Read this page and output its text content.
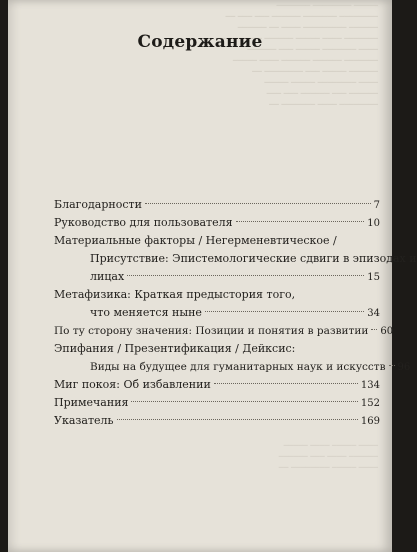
───── ──────── ───────
──────── ─────── ────── ─── ─── ──
────── ───────── ──── ── ──────
─────── ──── ───── ────── ─────── ──
──── ─────── ───── ─── ──────
─────── ────── ────── ──── ─────
────── ───── ─── ──────── ──
──── ──────── ───── ─────
────── ─── ────── ─── ───
──────── ──── ─────── ──
──── ───── ──── ─────
────── ──── ─── ──────
──── ───── ──────── ──
Содержание
Благодарности	7
Руководство для пользователя	10
Материальные факторы / Негерменевтическое /
Присутствие: Эпистемологические сдвиги в эпизодах и
лицах	15
Метафизика: Краткая предыстория того,
что меняется ныне	34
По ту сторону значения: Позиции и понятия в развитии 60
Эпифания / Презентификация / Дейксис:
Виды на будущее для гуманитарных наук и искусств 96
Миг покоя: Об избавлении	134
Примечания	152
Указатель	169
